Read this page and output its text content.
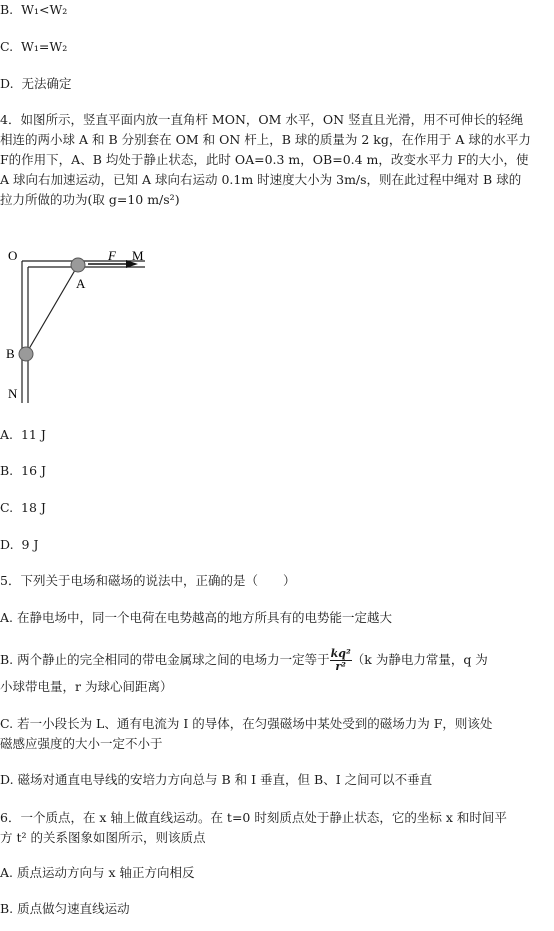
B. W₁<W₂
C. W₁=W₂
D. 无法确定
4．如图所示，竖直平面内放一直角杆 MON，OM 水平，ON 竖直且光滑，用不可伸长的轻绳
相连的两小球 A 和 B 分别套在 OM 和 ON 杆上，B 球的质量为 2 kg，在作用于 A 球的水平力
F的作用下，A、B 均处于静止状态，此时 OA=0.3 m，OB=0.4 m，改变水平力 F的大小，使
A 球向右加速运动，已知 A 球向右运动 0.1m 时速度大小为 3m/s，则在此过程中绳对 B 球的
拉力所做的功为(取 g=10 m/s²)
O	F M
A
B
N
A. 11 J
B. 16 J
C. 18 J
D. 9 J
5．下列关于电场和磁场的说法中，正确的是（　　）
A. 在静电场中，同一个电荷在电势越高的地方所具有的电势能一定越大
B. 两个静止的完全相同的带电金属球之间的电场力一定等于 $\frac{\text{kq²}}{\text{r²}} (k$ 为静电力常量，q 为
小球带电量，r 为球心间距离）
C. 若一小段长为 L、通有电流为 I 的导体，在匀强磁场中某处受到的磁场力为 F，则该处
磁感应强度的大小一定不小于
D. 磁场对通直电导线的安培力方向总与 B 和 I 垂直，但 B、I 之间可以不垂直
6．一个质点，在 x 轴上做直线运动。在 t=0 时刻质点处于静止状态，它的坐标 x 和时间平
方 t² 的关系图象如图所示，则该质点
A. 质点运动方向与 x 轴正方向相反
B. 质点做匀速直线运动
